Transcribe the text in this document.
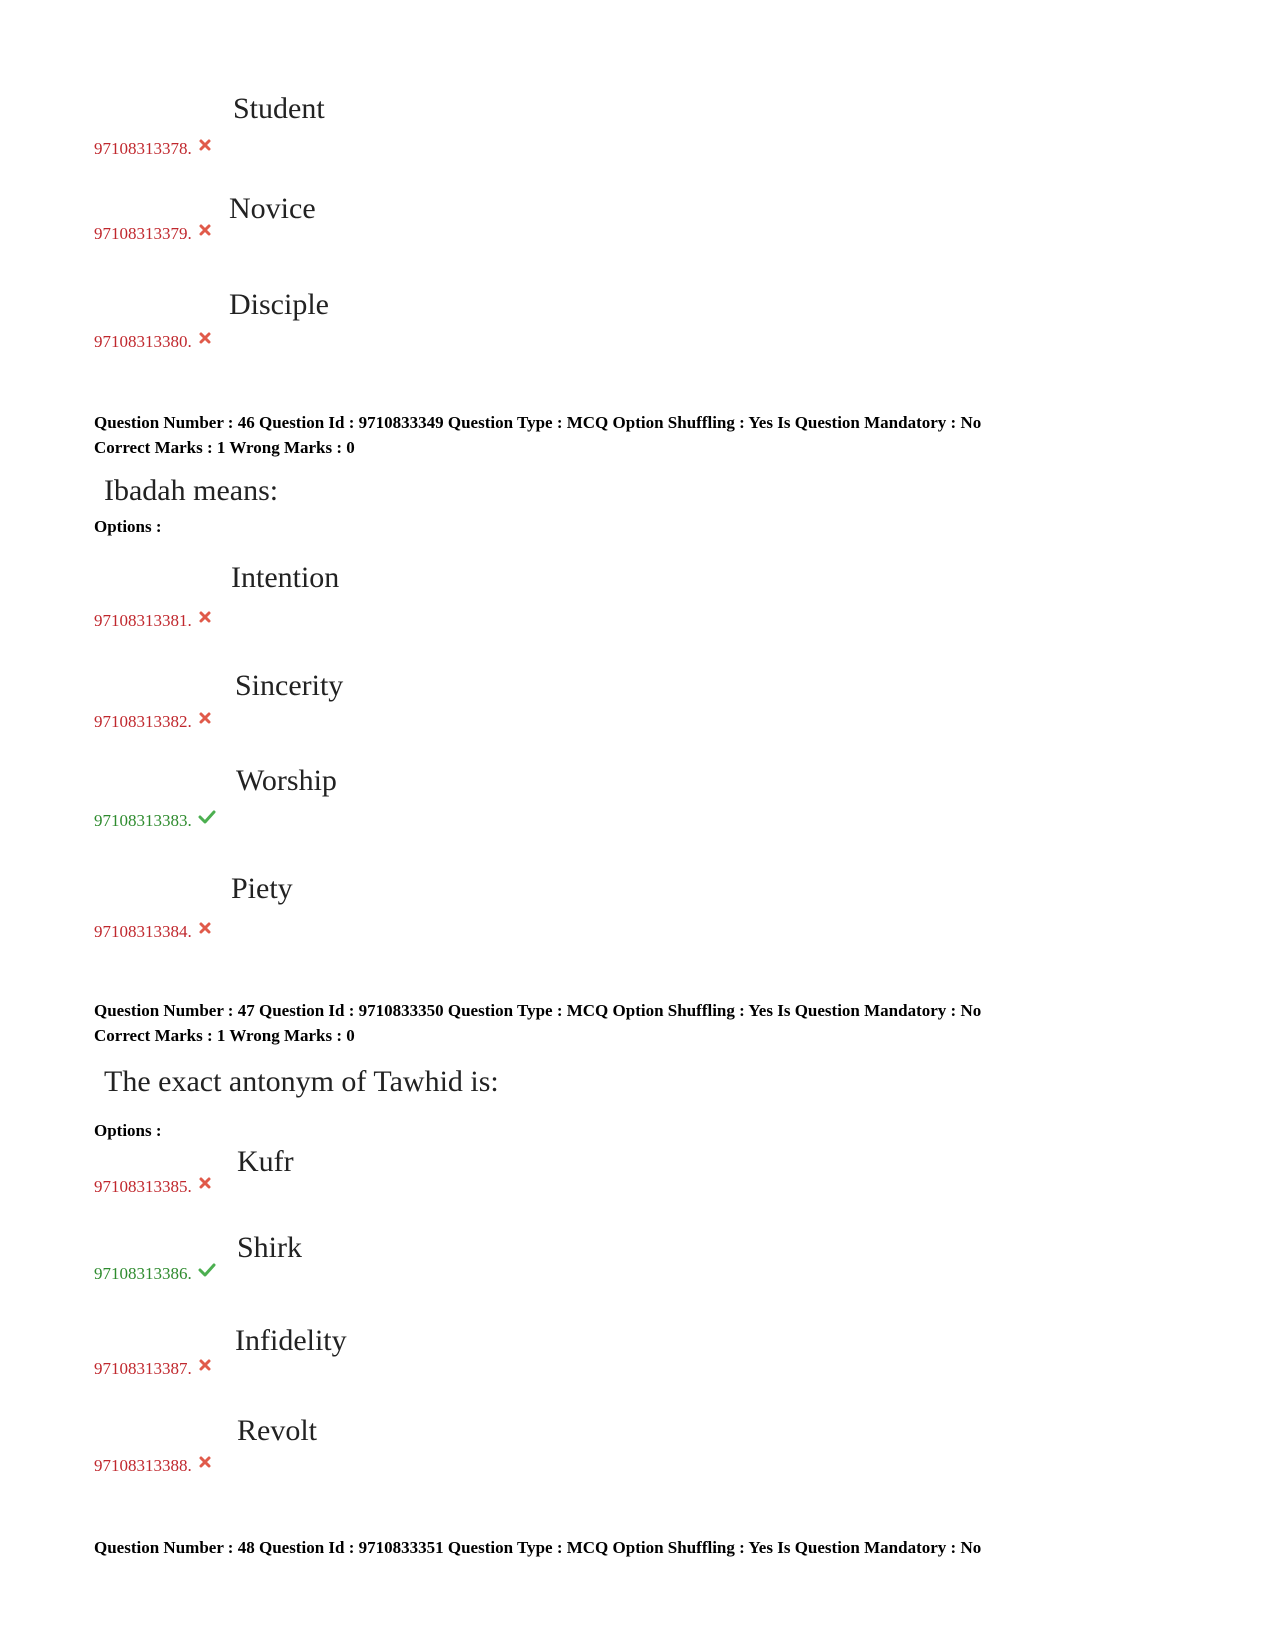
Student
97108313378.
Novice
97108313379.
Disciple
97108313380.
Question Number : 46 Question Id : 9710833349 Question Type : MCQ Option Shuffling : Yes Is Question Mandatory : No
Correct Marks : 1 Wrong Marks : 0
Ibadah means:
Options :
Intention
97108313381.
Sincerity
97108313382.
Worship
97108313383.
Piety
97108313384.
Question Number : 47 Question Id : 9710833350 Question Type : MCQ Option Shuffling : Yes Is Question Mandatory : No
Correct Marks : 1 Wrong Marks : 0
The exact antonym of Tawhid is:
Options :
Kufr
97108313385.
Shirk
97108313386.
Infidelity
97108313387.
Revolt
97108313388.
Question Number : 48 Question Id : 9710833351 Question Type : MCQ Option Shuffling : Yes Is Question Mandatory : No
